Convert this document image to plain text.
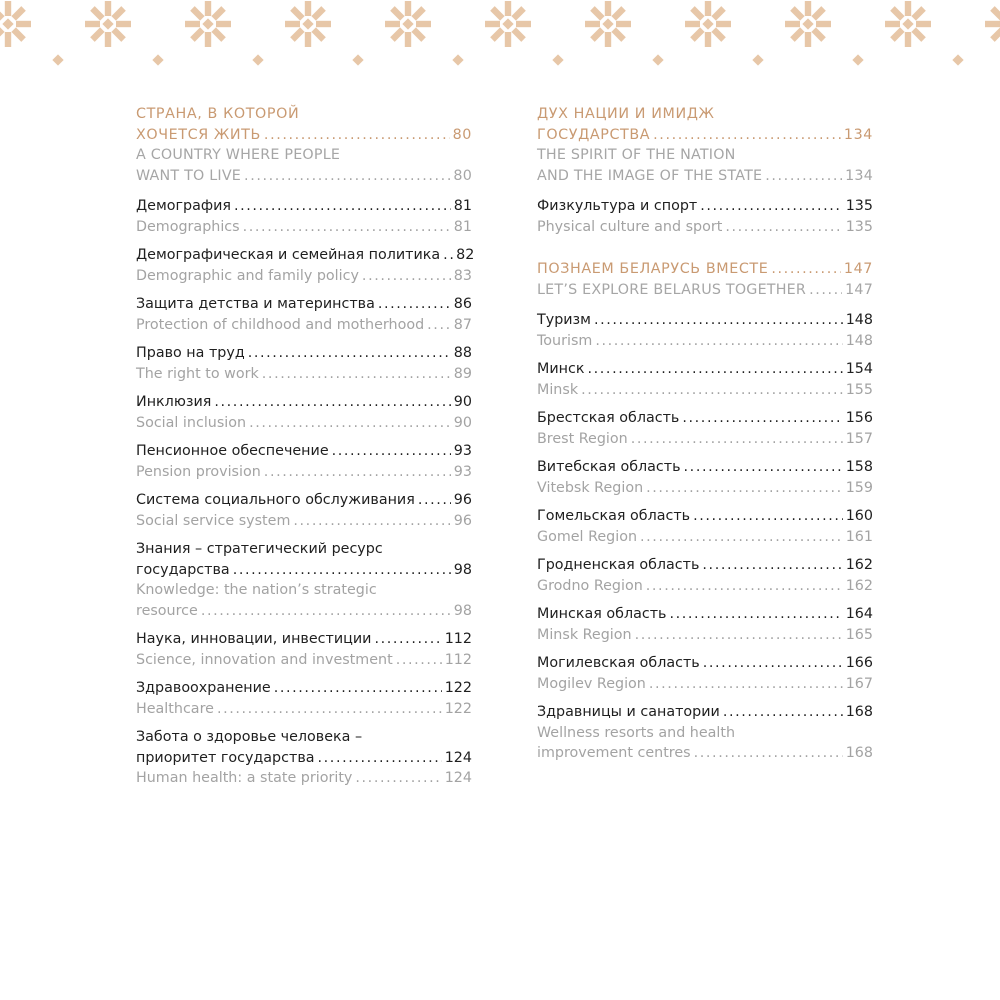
СТРАНА, В КОТОРОЙ
ХОЧЕТСЯ ЖИТЬ .....	80
A COUNTRY WHERE PEOPLE
WANT TO LIVE .....	80
Демография .....	81
Demographics .....	81
Демографическая и семейная политика ..... 82
Demographic and family policy .....	83
Защита детства и материнства .....	86
Protection of childhood and motherhood ..... 87
Право на труд .....	88
The right to work .....	89
Инклюзия .....	90
Social inclusion .....	90
Пенсионное обеспечение .....	93
Pension provision .....	93
Система социального обслуживания .....	96
Social service system .....	96
Знания – стратегический ресурс
государства .....	98
Knowledge: the nation’s strategic
resource .....	98
Наука, инновации, инвестиции .....	112
Science, innovation and investment .....	112
Здравоохранение .....	122
Healthcare .....	122
Забота о здоровье человека –
приоритет государства .....	124
Human health: a state priority .....	124
ДУХ НАЦИИ И ИМИДЖ
ГОСУДАРСТВА .....	134
THE SPIRIT OF THE NATION
AND THE IMAGE OF THE STATE .....	134
Физкультура и спорт .....	135
Physical culture and sport .....	135
ПОЗНАЕМ БЕЛАРУСЬ ВМЕСТЕ .....	147
LET’S EXPLORE BELARUS TOGETHER .....	147
Туризм .....	148
Tourism .....	148
Минск .....	154
Minsk .....	155
Брестская область .....	156
Brest Region .....	157
Витебская область .....	158
Vitebsk Region .....	159
Гомельская область .....	160
Gomel Region .....	161
Гродненская область .....	162
Grodno Region .....	162
Минская область .....	164
Minsk Region .....	165
Могилевская область .....	166
Mogilev Region .....	167
Здравницы и санатории .....	168
Wellness resorts and health
improvement centres .....	168
